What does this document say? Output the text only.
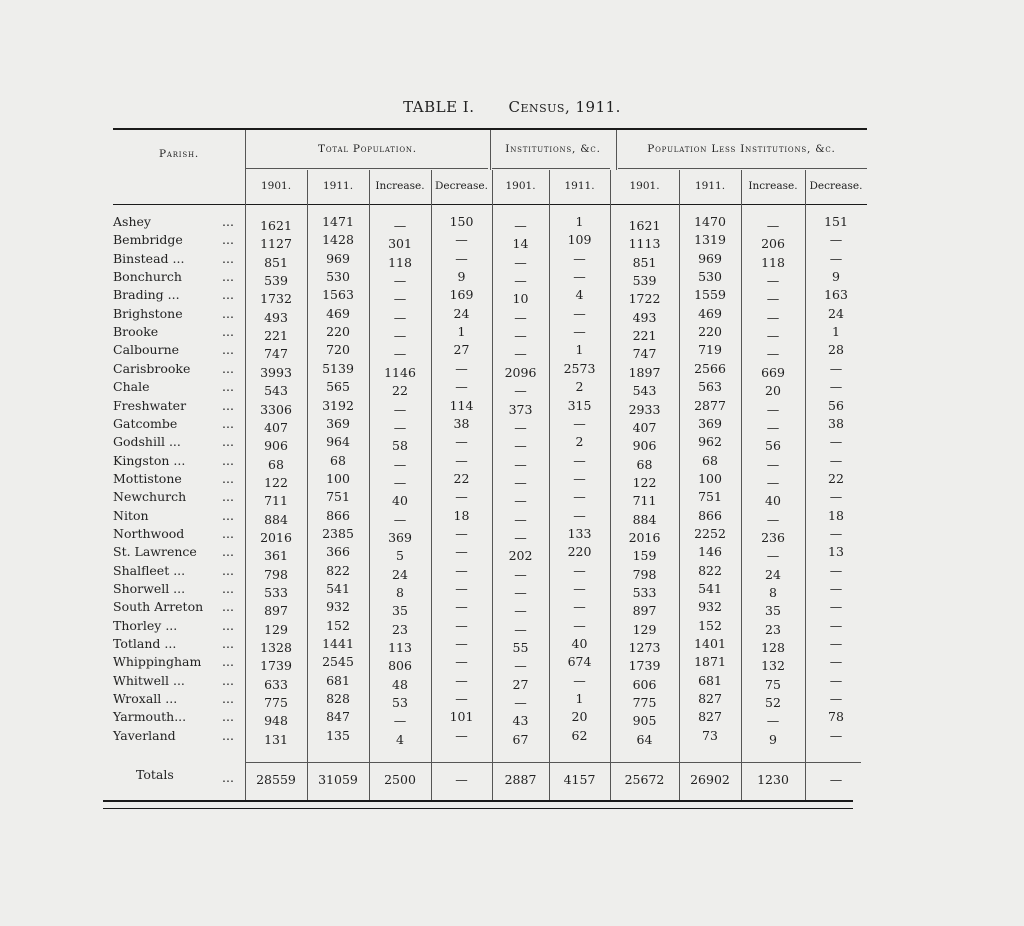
TABLE I. Census, 1911.
Parish.	Total Population.	Institutions, &c.	Population Less Institutions, &c.
1901.	1911.	Increase. Decrease.	1901.	1911.	1901.	1911.	Increase.	Decrease.
Ashey	...	1621	1471	—	150	—	1	1621	1470	—	151
Bembridge	...	1127	1428	301	—	14	109	1113	1319	206	—
Binstead ...	...	851	969	118	—	—	—	851	969	118	—
Bonchurch	...	539	530	—	9	—	—	539	530	—	9
Brading ...	...	1732	1563	—	169	10	4	1722	1559	—	163
Brighstone	...	493	469	—	24	—	—	493	469	—	24
Brooke	...	221	220	—	1	—	—	221	220	—	1
Calbourne	...	747	720	—	27	—	1	747	719	—	28
Carisbrooke	...	3993	5139	1146	—	2096	2573	1897	2566	669	—
Chale	...	543	565	22	—	—	2	543	563	20	—
Freshwater	...	3306	3192	—	114	373	315	2933	2877	—	56
Gatcombe	...	407	369	—	38	—	—	407	369	—	38
Godshill ...	...	906	964	58	—	—	2	906	962	56	—
Kingston ...	...	68	68	—	—	—	—	68	68	—	—
Mottistone	...	122	100	—	22	—	—	122	100	—	22
Newchurch	...	711	751	40	—	—	—	711	751	40	—
Niton	...	884	866	—	18	—	—	884	866	—	18
Northwood	...	2016	2385	369	—	—	133	2016	2252	236	—
St. Lawrence ...	361	366	5	—	202	220	159	146	—	13
Shalfleet ...	...	798	822	24	—	—	—	798	822	24	—
Shorwell ...	...	533	541	8	—	—	—	533	541	8	—
South Arreton ...	897	932	35	—	—	—	897	932	35	—
Thorley ...	...	129	152	23	—	—	—	129	152	23	—
Totland ...	...	1328	1441	113	—	55	40	1273	1401	128	—
Whippingham ...	1739	2545	806	—	—	674	1739	1871	132	—
Whitwell ...	...	633	681	48	—	27	—	606	681	75	—
Wroxall ...	...	775	828	53	—	—	1	775	827	52	—
Yarmouth...	...	948	847	—	101	43	20	905	827	—	78
Yaverland	...	131	135	4	—	67	62	64	73	9	—
Totals	...	28559	31059	2500	—	2887	4157	25672	26902	1230	—
